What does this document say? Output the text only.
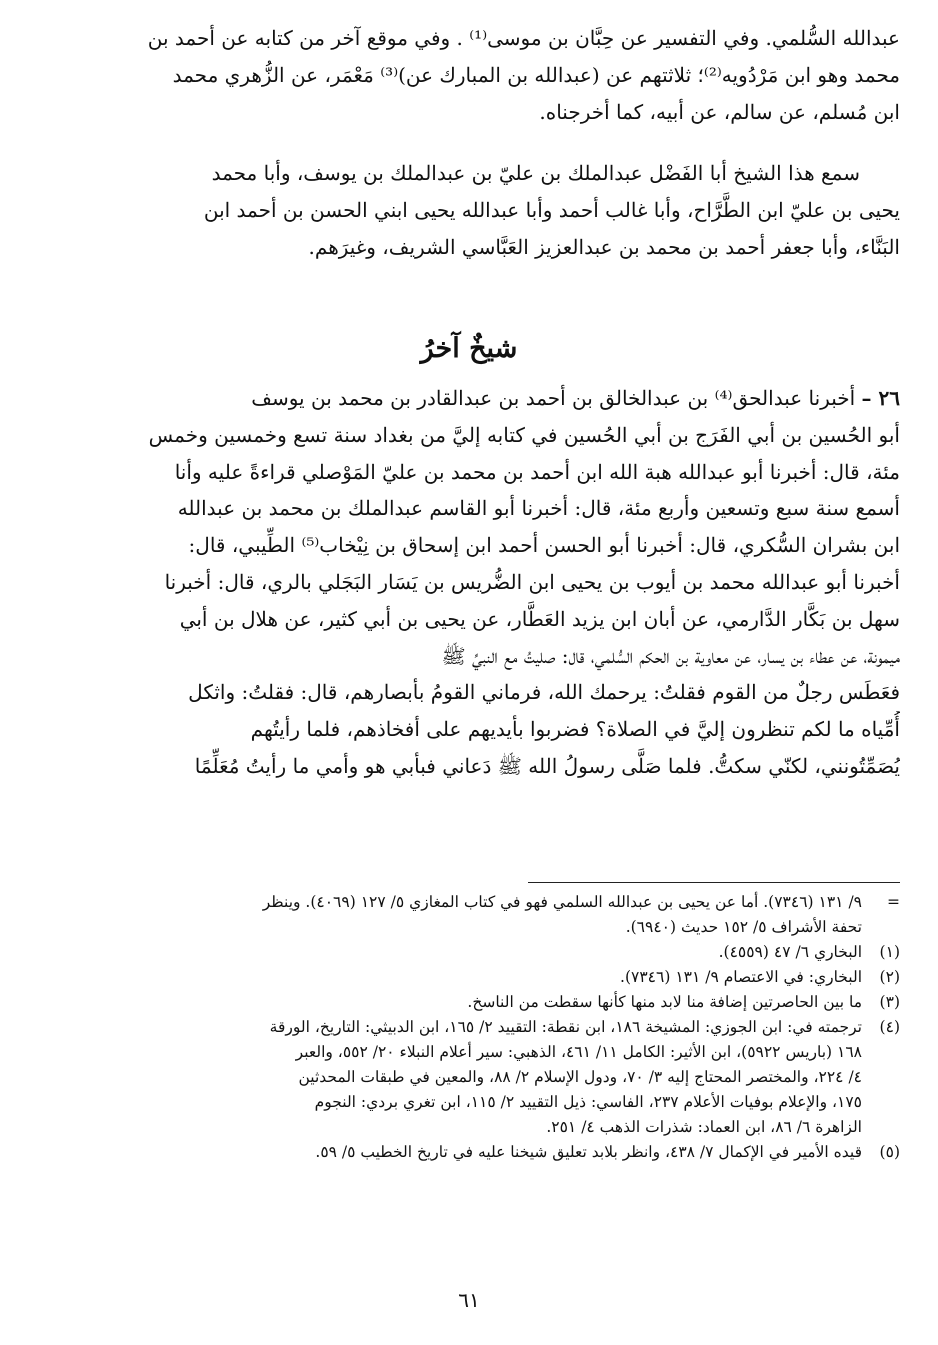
عبدالله السُّلمي. وفي التفسير عن حِبَّان بن موسى⁽¹⁾ . وفي موقع آخر من كتابه عن أحمد بن
محمد وهو ابن مَرْدُويه⁽²⁾؛ ثلاثتهم عن (عبدالله بن المبارك عن)⁽³⁾ مَعْمَر، عن الزُّهري محمد
ابن مُسلم، عن سالم، عن أبيه، كما أخرجناه.
سمع هذا الشيخ أبا الفَضْل عبدالملك بن عليّ بن عبدالملك بن يوسف، وأبا محمد
يحيى بن عليّ ابن الطَّرَّاح، وأبا غالب أحمد وأبا عبدالله يحيى ابني الحسن بن أحمد ابن
البَنَّاء، وأبا جعفر أحمد بن محمد بن عبدالعزيز العَبَّاسي الشريف، وغيرَهم.
شيخٌ آخرُ
٢٦ – أخبرنا عبدالحق⁽⁴⁾ بن عبدالخالق بن أحمد بن عبدالقادر بن محمد بن يوسف
أبو الحُسين بن أبي الفَرَج بن أبي الحُسين في كتابه إليَّ من بغداد سنة تسع وخمسين وخمس
مئة، قال: أخبرنا أبو عبدالله هبة الله ابن أحمد بن محمد بن عليّ المَوْصلي قراءةً عليه وأنا
أسمع سنة سبع وتسعين وأربع مئة، قال: أخبرنا أبو القاسم عبدالملك بن محمد بن عبدالله
ابن بشران السُّكري، قال: أخبرنا أبو الحسن أحمد ابن إسحاق بن نِيْخاب⁽⁵⁾ الطِّيبي، قال:
أخبرنا أبو عبدالله محمد بن أيوب بن يحيى ابن الضُّريس بن يَسَار البَجَلي بالري، قال: أخبرنا
سهل بن بَكَّار الدَّارمي، عن أبان ابن يزيد العَطَّار، عن يحيى بن أبي كثير، عن هلال بن أبي
ميمونة، عن عطاء بن يسار، عن معاوية بن الحكم السُّلمي، قال: صليتُ مع النبيِّ ﷺ
فعَطَس رجلٌ من القوم فقلتُ: يرحمك الله، فرماني القومُ بأبصارهم، قال: فقلتُ: واثكل
أُمِّياه ما لكم تنظرون إليَّ في الصلاة؟ فضربوا بأيديهم على أفخاذهم، فلما رأيتُهم
يُصَمِّتُونني، لكنّي سكتُّ. فلما صَلَّى رسولُ الله ﷺ دَعاني فبأبي هو وأمي ما رأيتُ مُعَلِّمًا
=
٩/ ١٣١ (٧٣٤٦). أما عن يحيى بن عبدالله السلمي فهو في كتاب المغازي ٥/ ١٢٧ (٤٠٦٩). وينظر
تحفة الأشراف ٥/ ١٥٢ حديث (٦٩٤٠).
(١)
البخاري ٦/ ٤٧ (٤٥٥٩).
(٢)
البخاري: في الاعتصام ٩/ ١٣١ (٧٣٤٦).
(٣)
ما بين الحاصرتين إضافة منا لابد منها كأنها سقطت من الناسخ.
(٤)
ترجمته في: ابن الجوزي: المشيخة ١٨٦، ابن نقطة: التقييد ٢/ ١٦٥، ابن الدبيثي: التاريخ، الورقة
١٦٨ (باريس ٥٩٢٢)، ابن الأثير: الكامل ١١/ ٤٦١، الذهبي: سير أعلام النبلاء ٢٠/ ٥٥٢، والعبر
٤/ ٢٢٤، والمختصر المحتاج إليه ٣/ ٧٠، ودول الإسلام ٢/ ٨٨، والمعين في طبقات المحدثين
١٧٥، والإعلام بوفيات الأعلام ٢٣٧، الفاسي: ذيل التقييد ٢/ ١١٥، ابن تغري بردي: النجوم
الزاهرة ٦/ ٨٦، ابن العماد: شذرات الذهب ٤/ ٢٥١.
(٥)
قيده الأمير في الإكمال ٧/ ٤٣٨، وانظر بلابد تعليق شيخنا عليه في تاريخ الخطيب ٥/ ٥٩.
٦١
